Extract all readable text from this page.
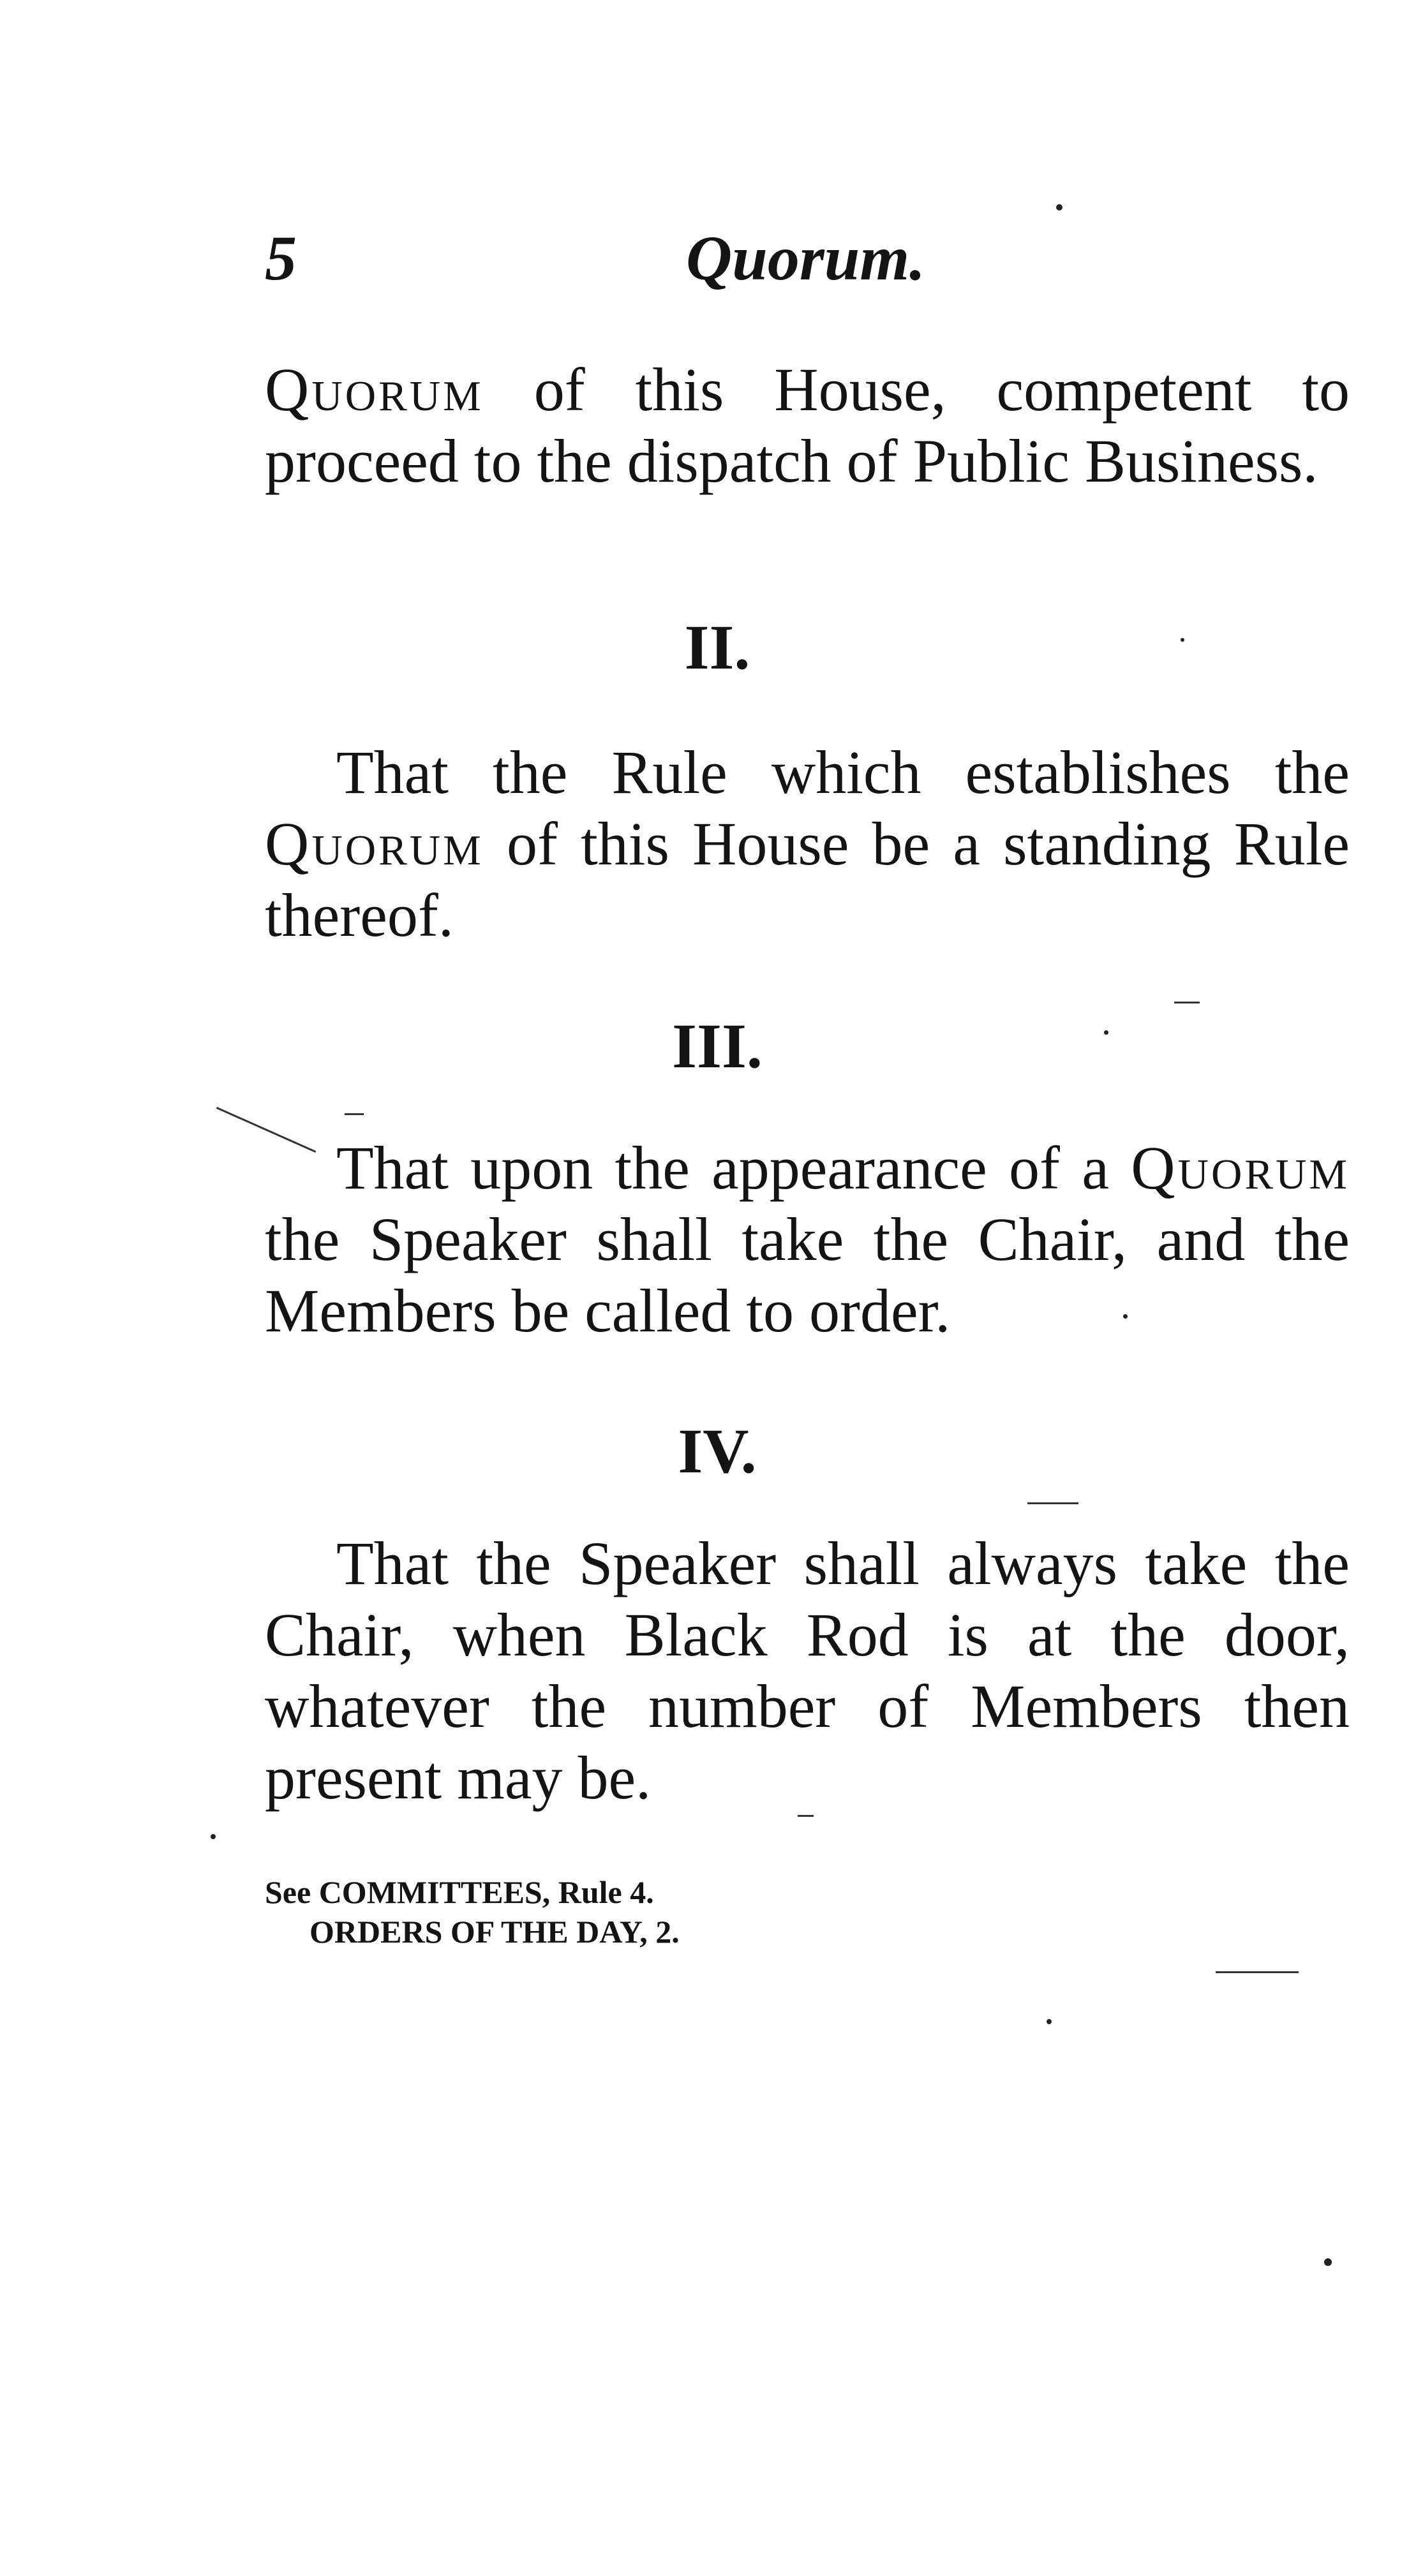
5	Quorum.

Quorum of this House, competent to proceed to the dispatch of Public Business.

II.

That the Rule which establishes the Quorum of this House be a standing Rule thereof.

III.

That upon the appearance of a Quorum the Speaker shall take the Chair, and the Members be called to order.

IV.

That the Speaker shall always take the Chair, when Black Rod is at the door, whatever the number of Members then present may be.

See COMMITTEES, Rule 4.
ORDERS OF THE DAY, 2.
